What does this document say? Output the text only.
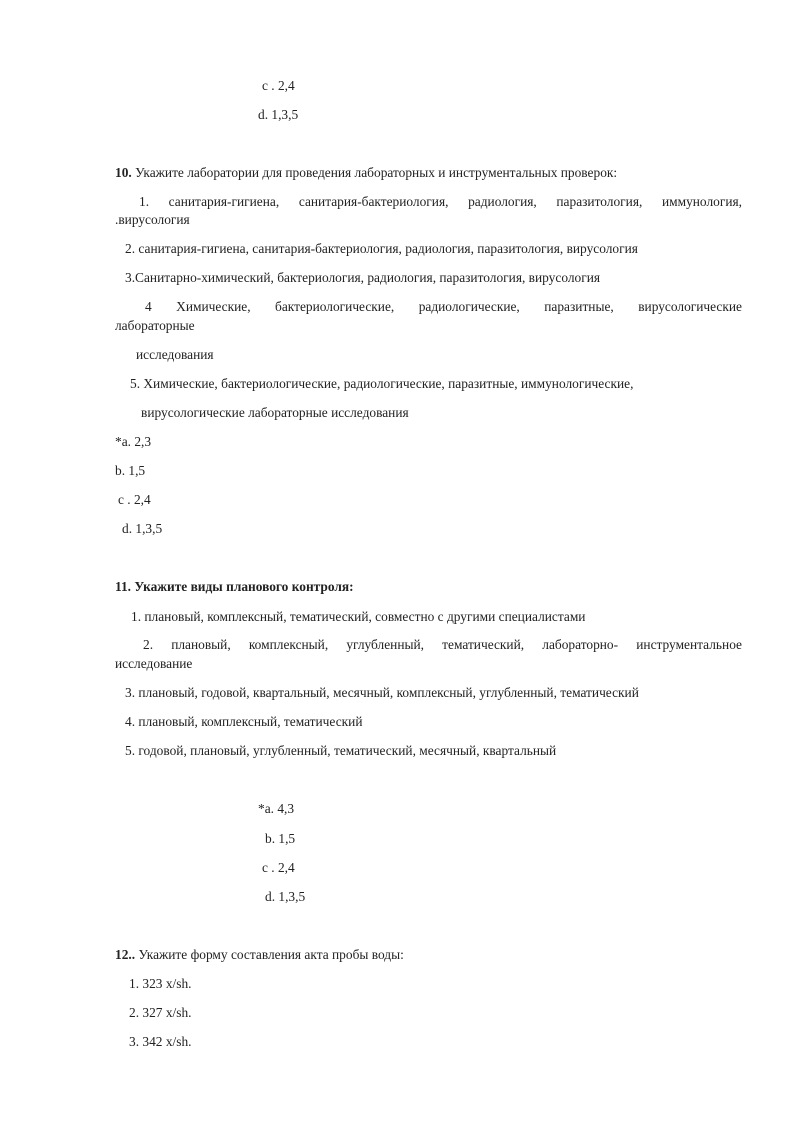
c . 2,4
d. 1,3,5
10. Укажите лаборатории для проведения лабораторных и инструментальных проверок:
1. санитария-гигиена, санитария-бактериология, радиология, паразитология, иммунология,
.вирусология
2. санитария-гигиена, санитария-бактериология, радиология, паразитология, вирусология
3.Санитарно-химический, бактериология, радиология, паразитология, вирусология
4 Химические, бактериологические, радиологические, паразитные, вирусологические
лабораторные
исследования
5. Химические, бактериологические, радиологические, паразитные, иммунологические,
вирусологические лабораторные исследования
*a. 2,3
b. 1,5
c . 2,4
d. 1,3,5
11. Укажите виды планового контроля:
1. плановый, комплексный, тематический, совместно с другими специалистами
2. плановый, комплексный, углубленный, тематический, лабораторно- инструментальное
исследование
3. плановый, годовой, квартальный, месячный, комплексный, углубленный, тематический
4. плановый, комплексный, тематический
5. годовой, плановый, углубленный, тематический, месячный, квартальный
*a. 4,3
b. 1,5
c . 2,4
d. 1,3,5
12.. Укажите форму составления акта пробы воды:
1. 323 x/sh.
2. 327 x/sh.
3. 342 x/sh.
